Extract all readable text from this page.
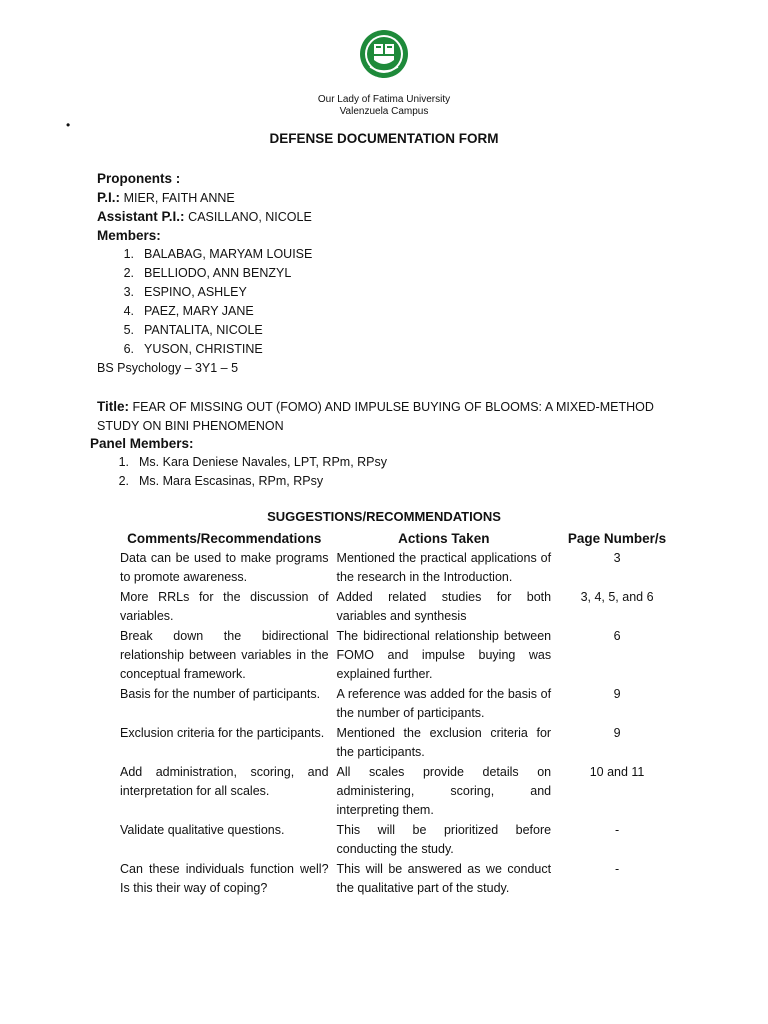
Our Lady of Fatima University
Valenzuela Campus
•
DEFENSE DOCUMENTATION FORM
Proponents :
P.I.: MIER, FAITH ANNE
Assistant P.I.: CASILLANO, NICOLE
Members:
1. BALABAG, MARYAM LOUISE
2. BELLIODO, ANN BENZYL
3. ESPINO, ASHLEY
4. PAEZ, MARY JANE
5. PANTALITA, NICOLE
6. YUSON, CHRISTINE
BS Psychology – 3Y1 – 5
Title: FEAR OF MISSING OUT (FOMO) AND IMPULSE BUYING OF BLOOMS: A MIXED-METHOD STUDY ON BINI PHENOMENON
Panel Members:
1. Ms. Kara Deniese Navales, LPT, RPm, RPsy
2. Ms. Mara Escasinas, RPm, RPsy
SUGGESTIONS/RECOMMENDATIONS
Comments/Recommendations	Actions Taken	Page Number/s
Data can be used to make programs to promote awareness.	Mentioned the practical applications of the research in the Introduction.	3
More RRLs for the discussion of variables.	Added related studies for both variables and synthesis	3, 4, 5, and 6
Break down the bidirectional relationship between variables in the conceptual framework.	The bidirectional relationship between FOMO and impulse buying was explained further.	6
Basis for the number of participants.	A reference was added for the basis of the number of participants.	9
Exclusion criteria for the participants.	Mentioned the exclusion criteria for the participants.	9
Add administration, scoring, and interpretation for all scales.	All scales provide details on administering, scoring, and interpreting them.	10 and 11
Validate qualitative questions.	This will be prioritized before conducting the study.	-
Can these individuals function well? Is this their way of coping?	This will be answered as we conduct the qualitative part of the study.	-
